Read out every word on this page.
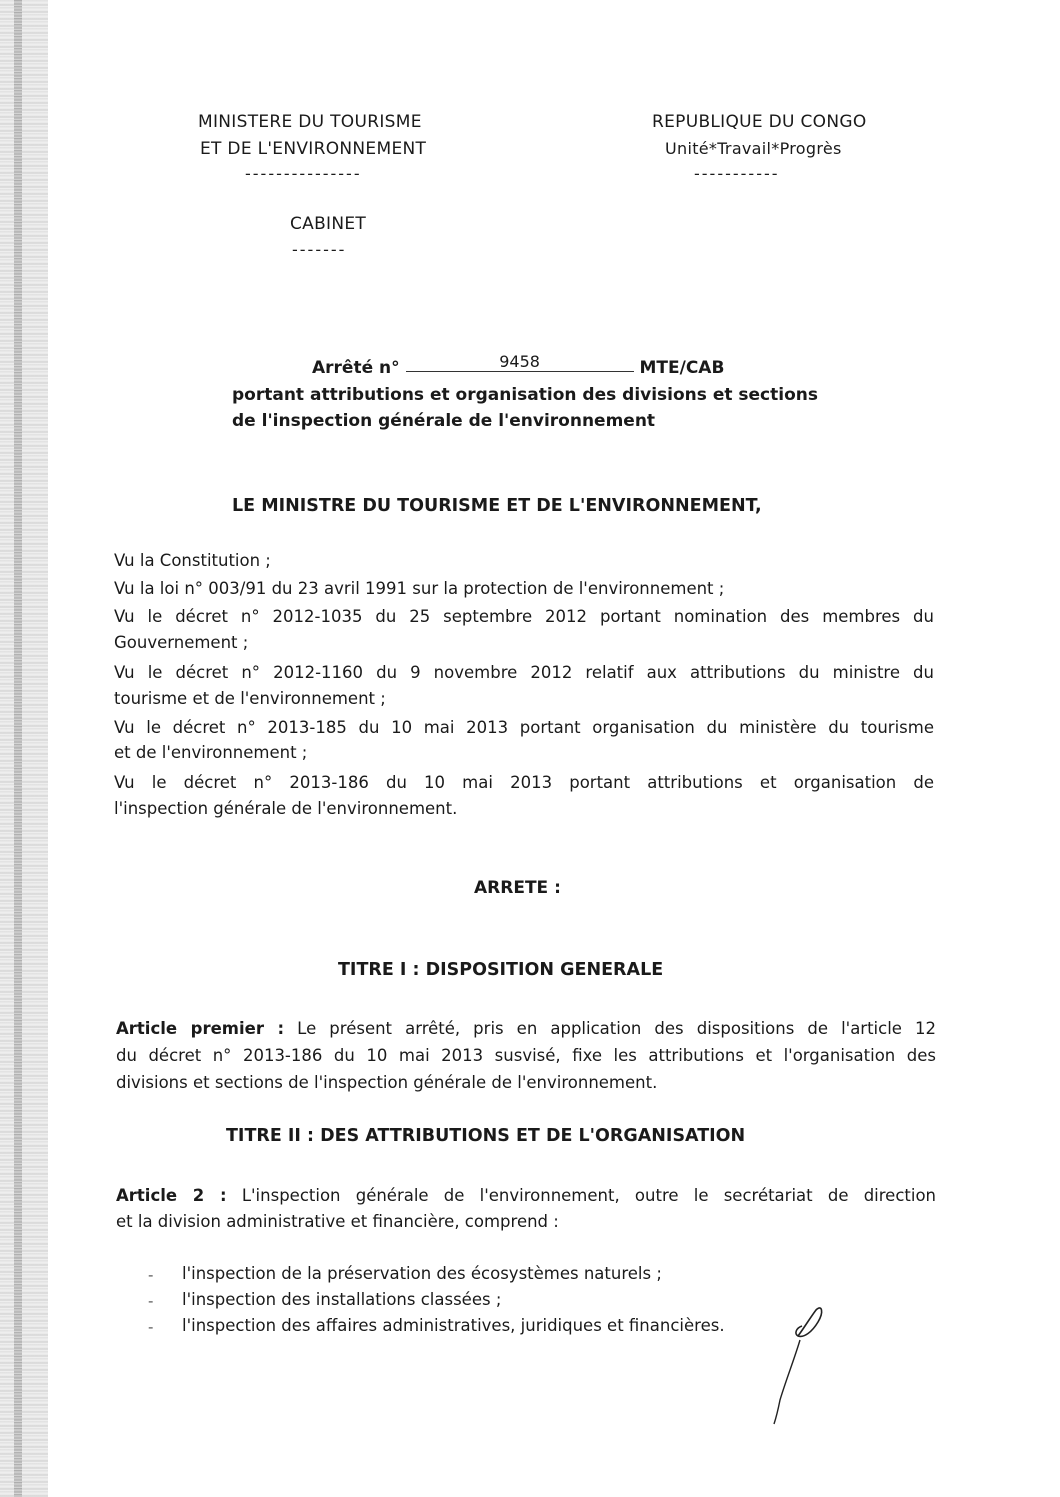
MINISTERE DU TOURISME
ET DE L'ENVIRONNEMENT
---------------
REPUBLIQUE DU CONGO
Unité*Travail*Progrès
-----------
CABINET
-------
Arrêté n°	9458	MTE/CAB
portant attributions et organisation des divisions et sections
de l'inspection générale de l'environnement
LE MINISTRE DU TOURISME ET DE L'ENVIRONNEMENT,
Vu la Constitution ;
Vu la loi n° 003/91 du 23 avril 1991 sur la protection de l'environnement ;
Vu le décret n° 2012-1035 du 25 septembre 2012 portant nomination des membres du
Gouvernement ;
Vu le décret n° 2012-1160 du 9 novembre 2012 relatif aux attributions du ministre du
tourisme et de l'environnement ;
Vu le décret n° 2013-185 du 10 mai 2013 portant organisation du ministère du tourisme
et de l'environnement ;
Vu le décret n° 2013-186 du 10 mai 2013 portant attributions et organisation de
l'inspection générale de l'environnement.
ARRETE :
TITRE I : DISPOSITION GENERALE
Article premier : Le présent arrêté, pris en application des dispositions de l'article 12
du décret n° 2013-186 du 10 mai 2013 susvisé, fixe les attributions et l'organisation des
divisions et sections de l'inspection générale de l'environnement.
TITRE II : DES ATTRIBUTIONS ET DE L'ORGANISATION
Article 2 : L'inspection générale de l'environnement, outre le secrétariat de direction
et la division administrative et financière, comprend :
- l'inspection de la préservation des écosystèmes naturels ;
- l'inspection des installations classées ;
- l'inspection des affaires administratives, juridiques et financières.
